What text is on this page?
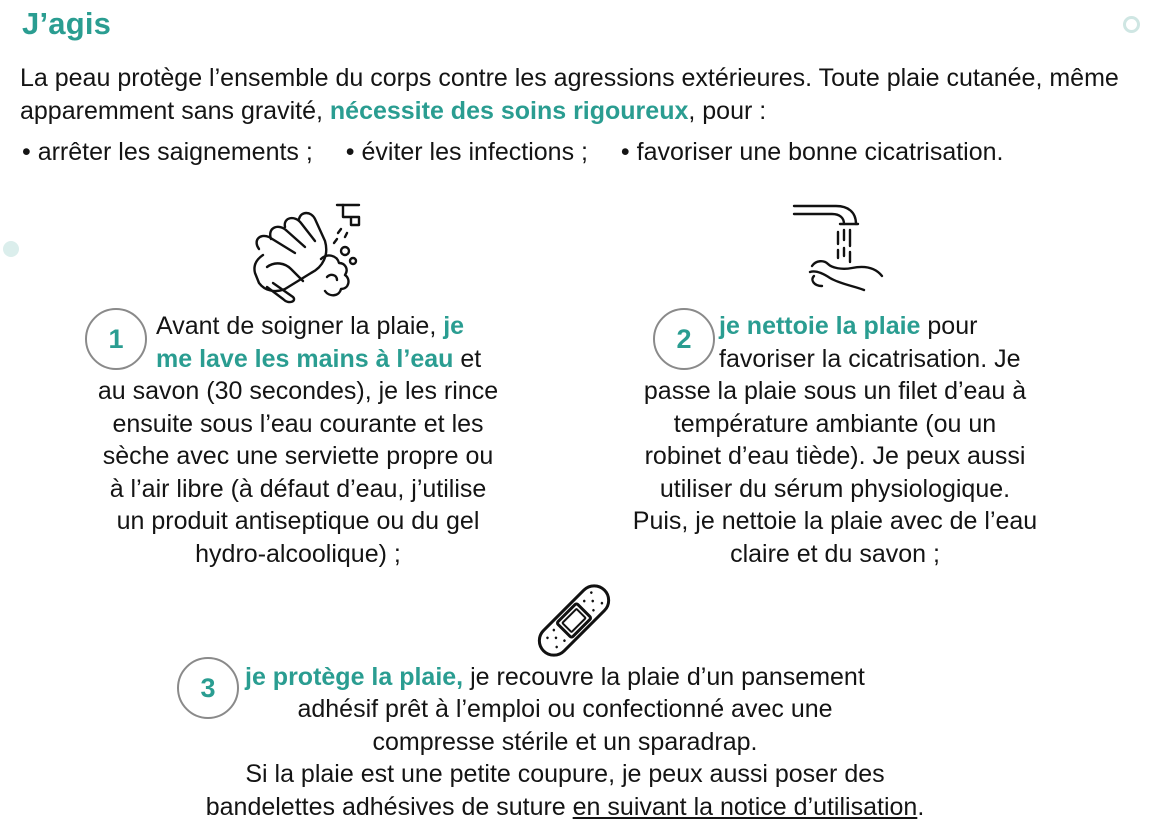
J’agis
La peau protège l’ensemble du corps contre les agressions extérieures. Toute plaie cutanée, même apparemment sans gravité, nécessite des soins rigoureux, pour :
• arrêter les saignements ; • éviter les infections ; • favoriser une bonne cicatrisation.
1	Avant de soigner la plaie, je
me lave les mains à l’eau et
au savon (30 secondes), je les rince
ensuite sous l’eau courante et les
sèche avec une serviette propre ou
à l’air libre (à défaut d’eau, j’utilise
un produit antiseptique ou du gel
hydro-alcoolique) ;
2	je nettoie la plaie pour
favoriser la cicatrisation. Je
passe la plaie sous un filet d’eau à
température ambiante (ou un
robinet d’eau tiède). Je peux aussi
utiliser du sérum physiologique.
Puis, je nettoie la plaie avec de l’eau
claire et du savon ;
3	je protège la plaie, je recouvre la plaie d’un pansement
adhésif prêt à l’emploi ou confectionné avec une
compresse stérile et un sparadrap.
Si la plaie est une petite coupure, je peux aussi poser des
bandelettes adhésives de suture en suivant la notice d’utilisation.
